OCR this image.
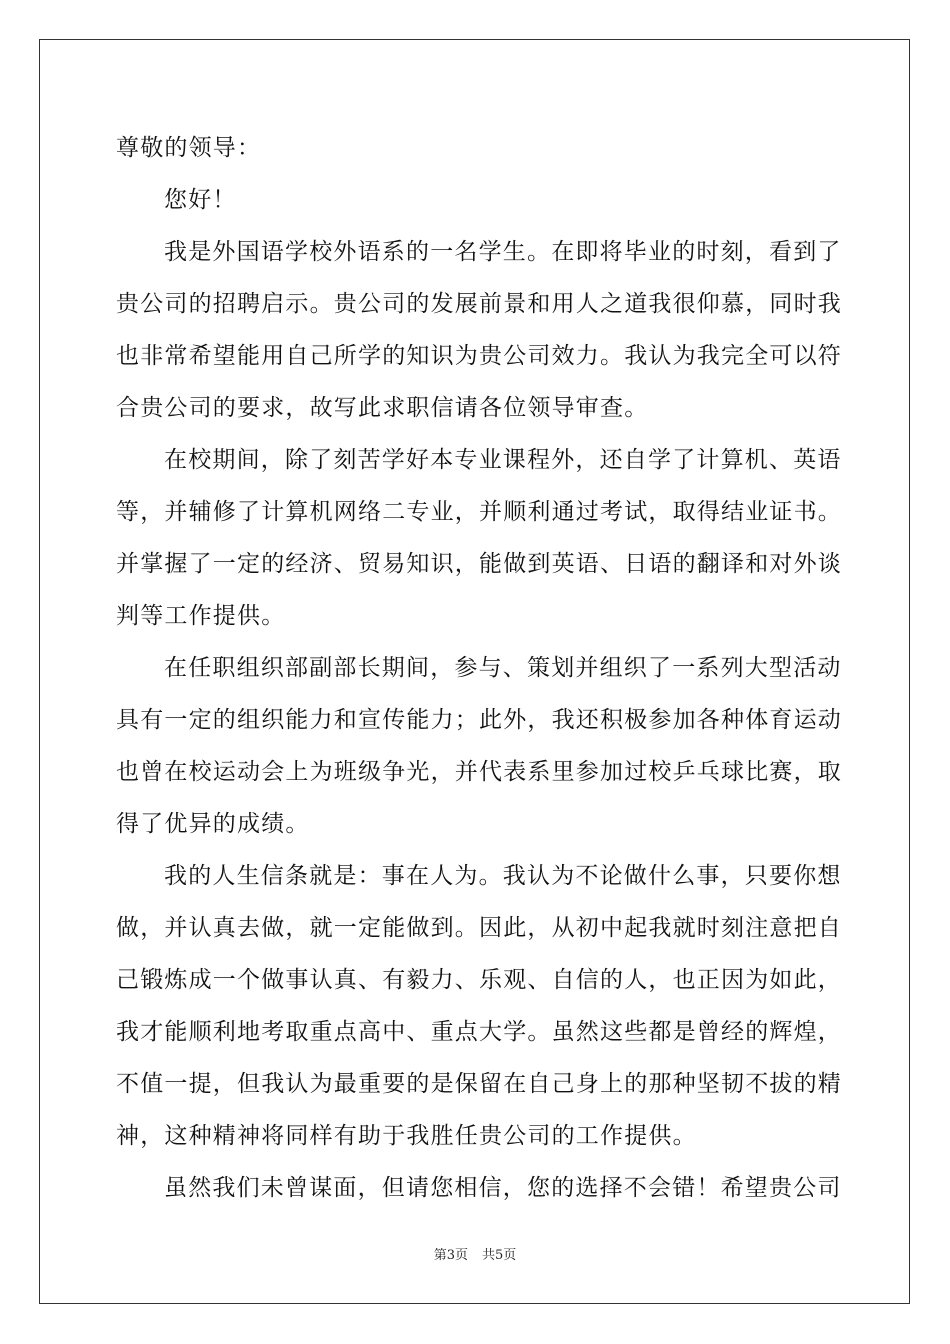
尊敬的领导：
您好！
我是外国语学校外语系的一名学生。在即将毕业的时刻，看到了
贵公司的招聘启示。贵公司的发展前景和用人之道我很仰慕，同时我
也非常希望能用自己所学的知识为贵公司效力。我认为我完全可以符
合贵公司的要求，故写此求职信请各位领导审查。
在校期间，除了刻苦学好本专业课程外，还自学了计算机、英语
等，并辅修了计算机网络二专业，并顺利通过考试，取得结业证书。
并掌握了一定的经济、贸易知识，能做到英语、日语的翻译和对外谈
判等工作提供。
在任职组织部副部长期间，参与、策划并组织了一系列大型活动
具有一定的组织能力和宣传能力；此外，我还积极参加各种体育运动
也曾在校运动会上为班级争光，并代表系里参加过校乒乓球比赛，取
得了优异的成绩。
我的人生信条就是：事在人为。我认为不论做什么事，只要你想
做，并认真去做，就一定能做到。因此，从初中起我就时刻注意把自
己锻炼成一个做事认真、有毅力、乐观、自信的人，也正因为如此，
我才能顺利地考取重点高中、重点大学。虽然这些都是曾经的辉煌，
不值一提，但我认为最重要的是保留在自己身上的那种坚韧不拔的精
神，这种精神将同样有助于我胜任贵公司的工作提供。
虽然我们未曾谋面，但请您相信，您的选择不会错！希望贵公司
第3页 共5页
